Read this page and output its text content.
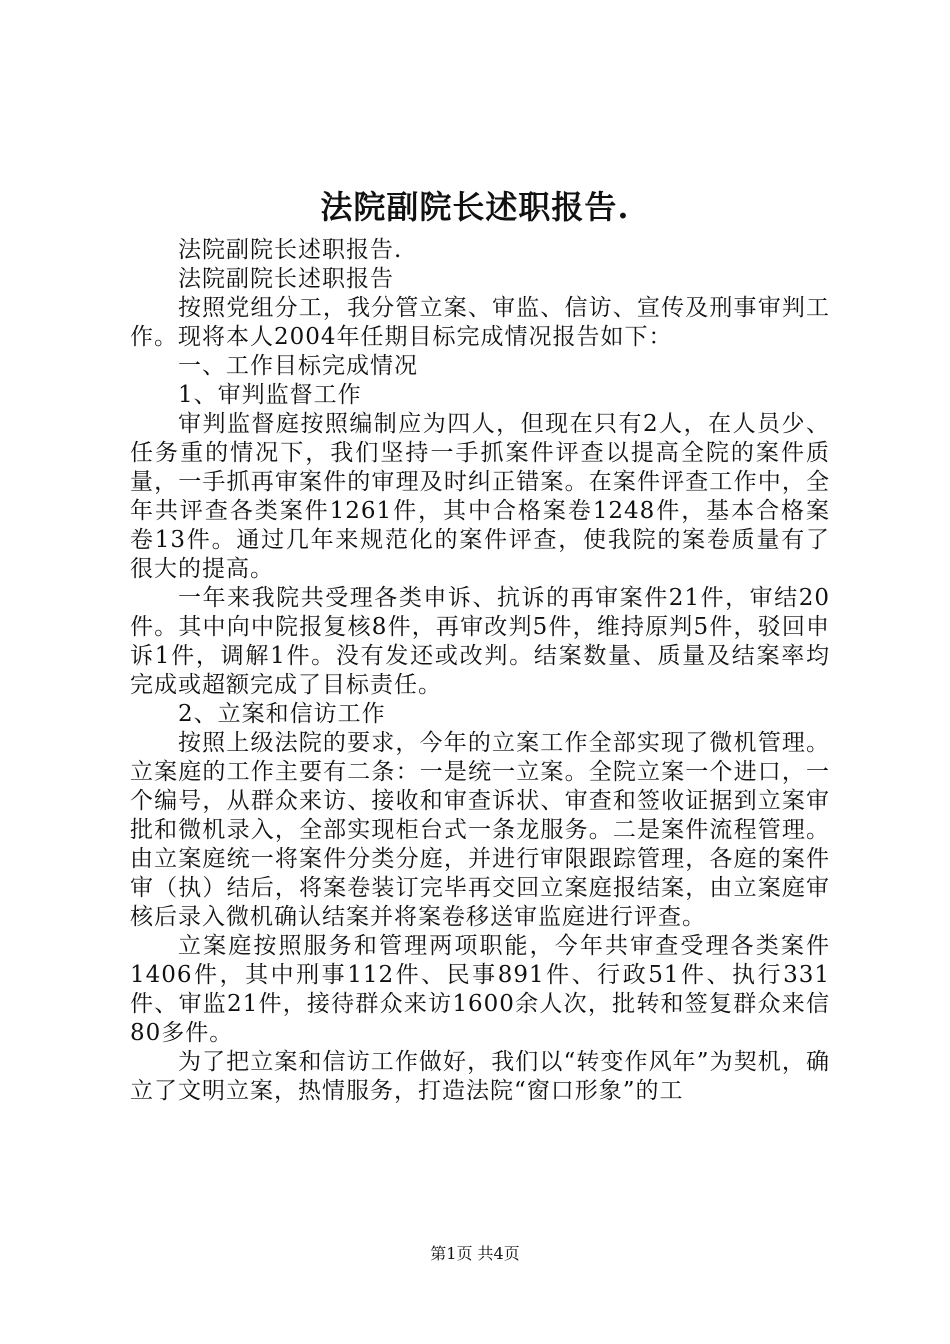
法院副院长述职报告.

法院副院长述职报告.

法院副院长述职报告

按照党组分工，我分管立案、审监、信访、宣传及刑事审判工作。现将本人2004年任期目标完成情况报告如下：

一、工作目标完成情况

1、审判监督工作

审判监督庭按照编制应为四人，但现在只有2人，在人员少、任务重的情况下，我们坚持一手抓案件评查以提高全院的案件质量，一手抓再审案件的审理及时纠正错案。在案件评查工作中，全年共评查各类案件1261件，其中合格案卷1248件，基本合格案卷13件。通过几年来规范化的案件评查，使我院的案卷质量有了很大的提高。

一年来我院共受理各类申诉、抗诉的再审案件21件，审结20件。其中向中院报复核8件，再审改判5件，维持原判5件，驳回申诉1件，调解1件。没有发还或改判。结案数量、质量及结案率均完成或超额完成了目标责任。

2、立案和信访工作

按照上级法院的要求，今年的立案工作全部实现了微机管理。立案庭的工作主要有二条：一是统一立案。全院立案一个进口，一个编号，从群众来访、接收和审查诉状、审查和签收证据到立案审批和微机录入，全部实现柜台式一条龙服务。二是案件流程管理。由立案庭统一将案件分类分庭，并进行审限跟踪管理，各庭的案件审（执）结后，将案卷装订完毕再交回立案庭报结案，由立案庭审核后录入微机确认结案并将案卷移送审监庭进行评查。

立案庭按照服务和管理两项职能，今年共审查受理各类案件1406件，其中刑事112件、民事891件、行政51件、执行331件、审监21件，接待群众来访1600余人次，批转和签复群众来信80多件。

为了把立案和信访工作做好，我们以“转变作风年”为契机，确立了文明立案，热情服务，打造法院“窗口形象”的工

第1页 共4页
